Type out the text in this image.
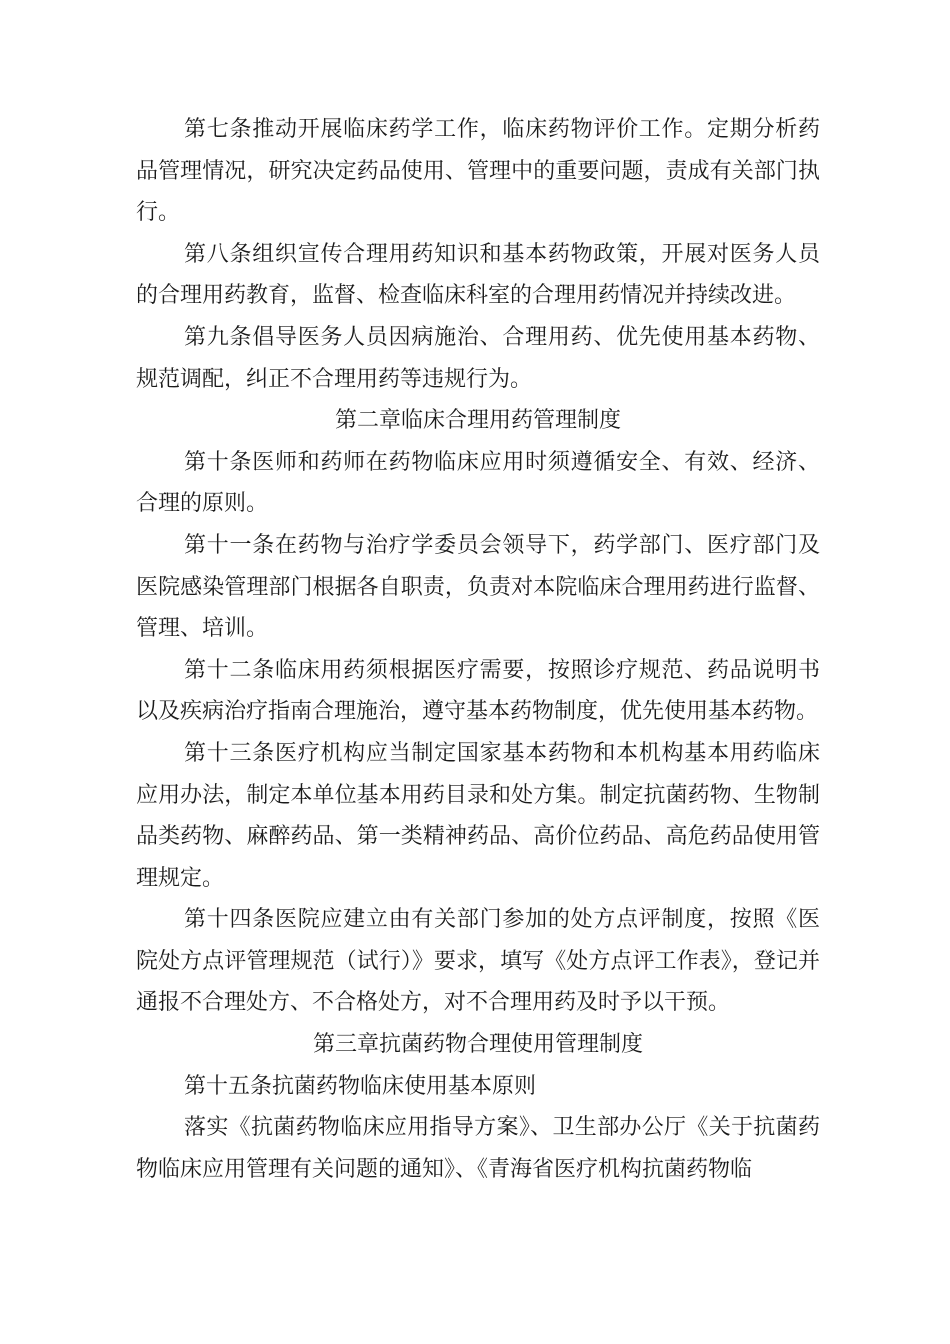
第七条推动开展临床药学工作，临床药物评价工作。定期分析药品管理情况，研究决定药品使用、管理中的重要问题，责成有关部门执行。

第八条组织宣传合理用药知识和基本药物政策，开展对医务人员的合理用药教育，监督、检查临床科室的合理用药情况并持续改进。

第九条倡导医务人员因病施治、合理用药、优先使用基本药物、规范调配，纠正不合理用药等违规行为。

第二章临床合理用药管理制度

第十条医师和药师在药物临床应用时须遵循安全、有效、经济、合理的原则。

第十一条在药物与治疗学委员会领导下，药学部门、医疗部门及医院感染管理部门根据各自职责，负责对本院临床合理用药进行监督、管理、培训。

第十二条临床用药须根据医疗需要，按照诊疗规范、药品说明书以及疾病治疗指南合理施治，遵守基本药物制度，优先使用基本药物。

第十三条医疗机构应当制定国家基本药物和本机构基本用药临床应用办法，制定本单位基本用药目录和处方集。制定抗菌药物、生物制品类药物、麻醉药品、第一类精神药品、高价位药品、高危药品使用管理规定。

第十四条医院应建立由有关部门参加的处方点评制度，按照《医院处方点评管理规范（试行）》要求，填写《处方点评工作表》，登记并通报不合理处方、不合格处方，对不合理用药及时予以干预。

第三章抗菌药物合理使用管理制度

第十五条抗菌药物临床使用基本原则

落实《抗菌药物临床应用指导方案》、卫生部办公厅《关于抗菌药物临床应用管理有关问题的通知》、《青海省医疗机构抗菌药物临
